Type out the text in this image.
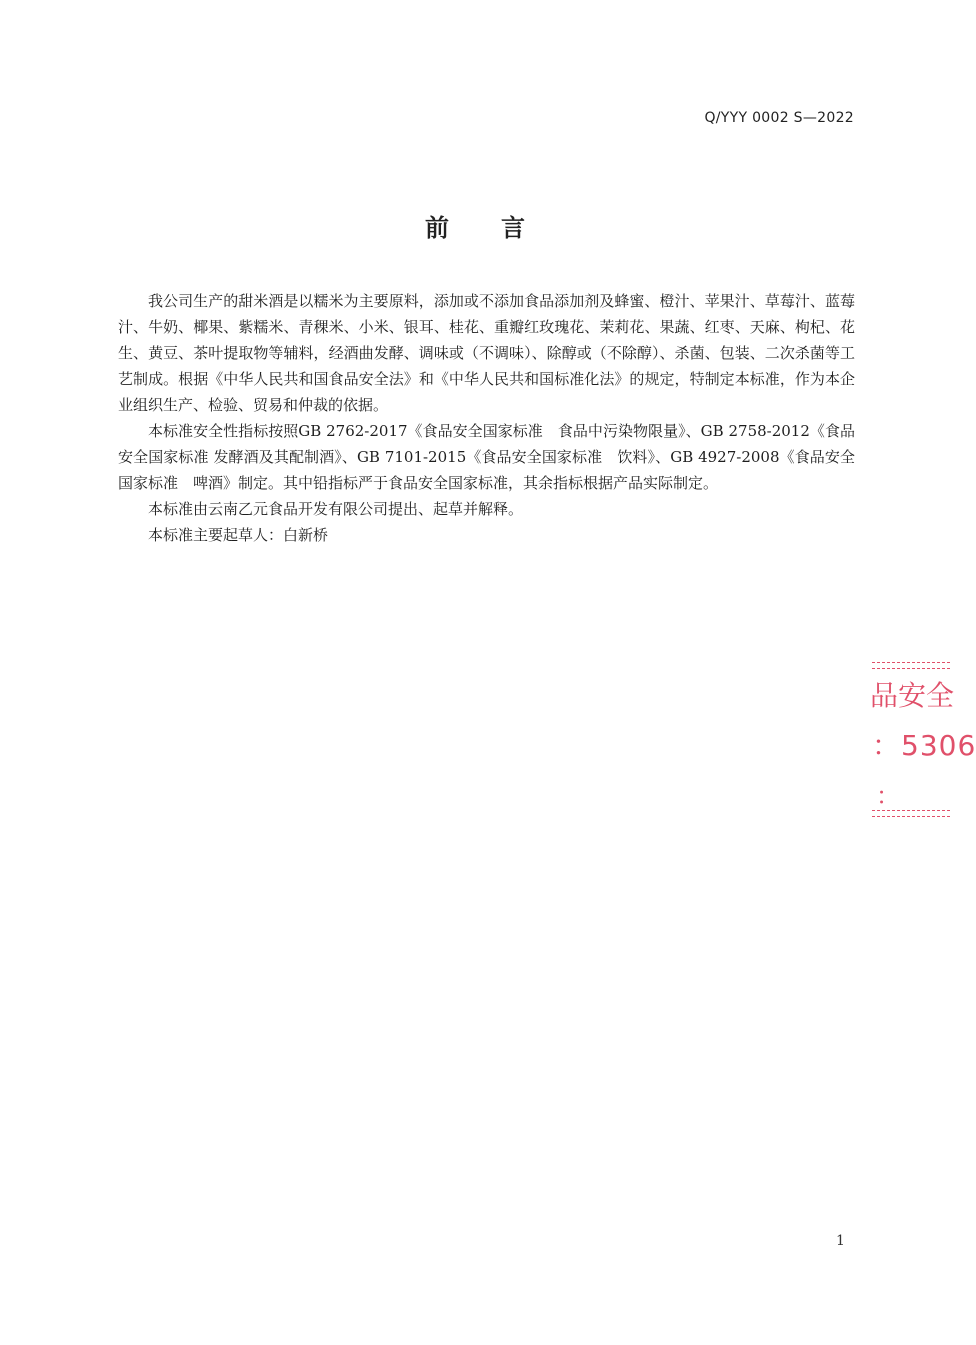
Q/YYY 0002 S—2022
前 言

我公司生产的甜米酒是以糯米为主要原料，添加或不添加食品添加剂及蜂蜜、橙汁、苹果汁、草莓汁、蓝莓汁、牛奶、椰果、紫糯米、青稞米、小米、银耳、桂花、重瓣红玫瑰花、茉莉花、果蔬、红枣、天麻、枸杞、花生、黄豆、茶叶提取物等辅料，经酒曲发酵、调味或（不调味）、除醇或（不除醇）、杀菌、包装、二次杀菌等工艺制成。根据《中华人民共和国食品安全法》和《中华人民共和国标准化法》的规定，特制定本标准，作为本企业组织生产、检验、贸易和仲裁的依据。

本标准安全性指标按照GB 2762-2017《食品安全国家标准　食品中污染物限量》、GB 2758-2012《食品安全国家标准 发酵酒及其配制酒》、GB 7101-2015《食品安全国家标准　饮料》、GB 4927-2008《食品安全国家标准　啤酒》制定。其中铅指标严于食品安全国家标准，其余指标根据产品实际制定。

本标准由云南乙元食品开发有限公司提出、起草并解释。

本标准主要起草人：白新桥

品安全
：5306
：
1
